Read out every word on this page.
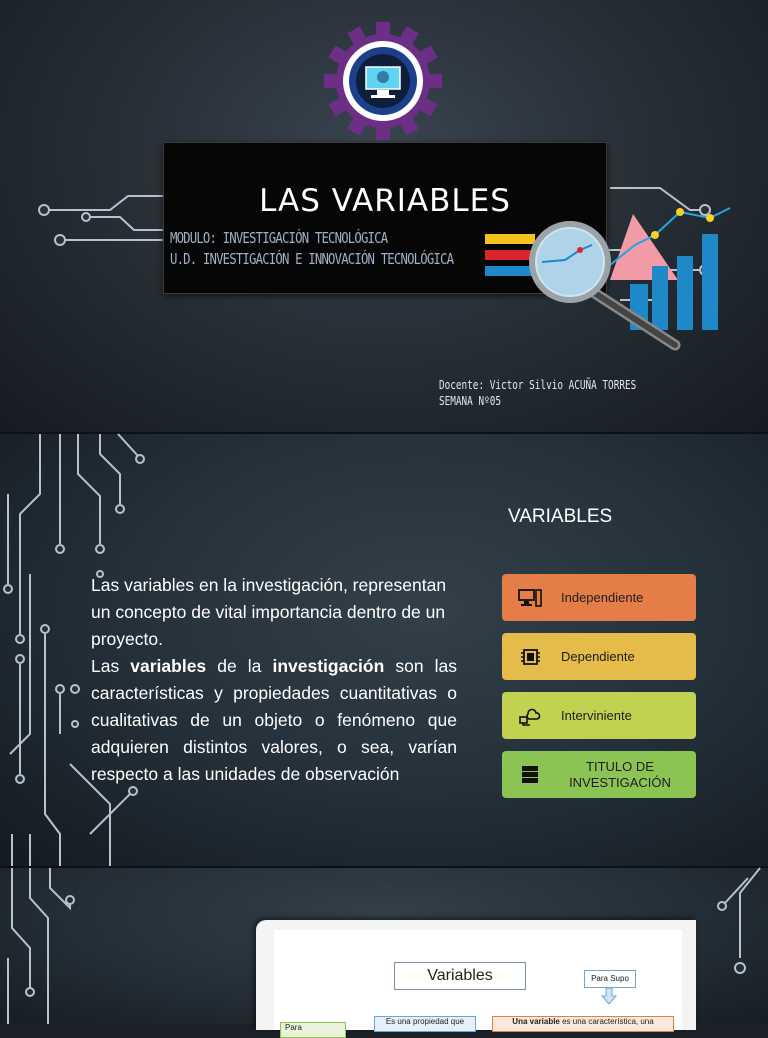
LAS VARIABLES
MODULO: INVESTIGACIÓN TECNOLÓGICA
U.D. INVESTIGACIÓN E INNOVACIÓN TECNOLÓGICA
Docente: Victor Silvio ACUÑA TORRES
SEMANA Nº05
VARIABLES

Las variables en la investigación, representan un concepto de vital importancia dentro de un proyecto.

Las variables de la investigación son las características y propiedades cuantitativas o cualitativas de un objeto o fenómeno que adquieren distintos valores, o sea, varían respecto a las unidades de observación

Independiente
Dependiente
Interviniente
TITULO DE INVESTIGACIÓN
Variables	Para Supo
Para
Es una propiedad que	Una variable es una característica, una
